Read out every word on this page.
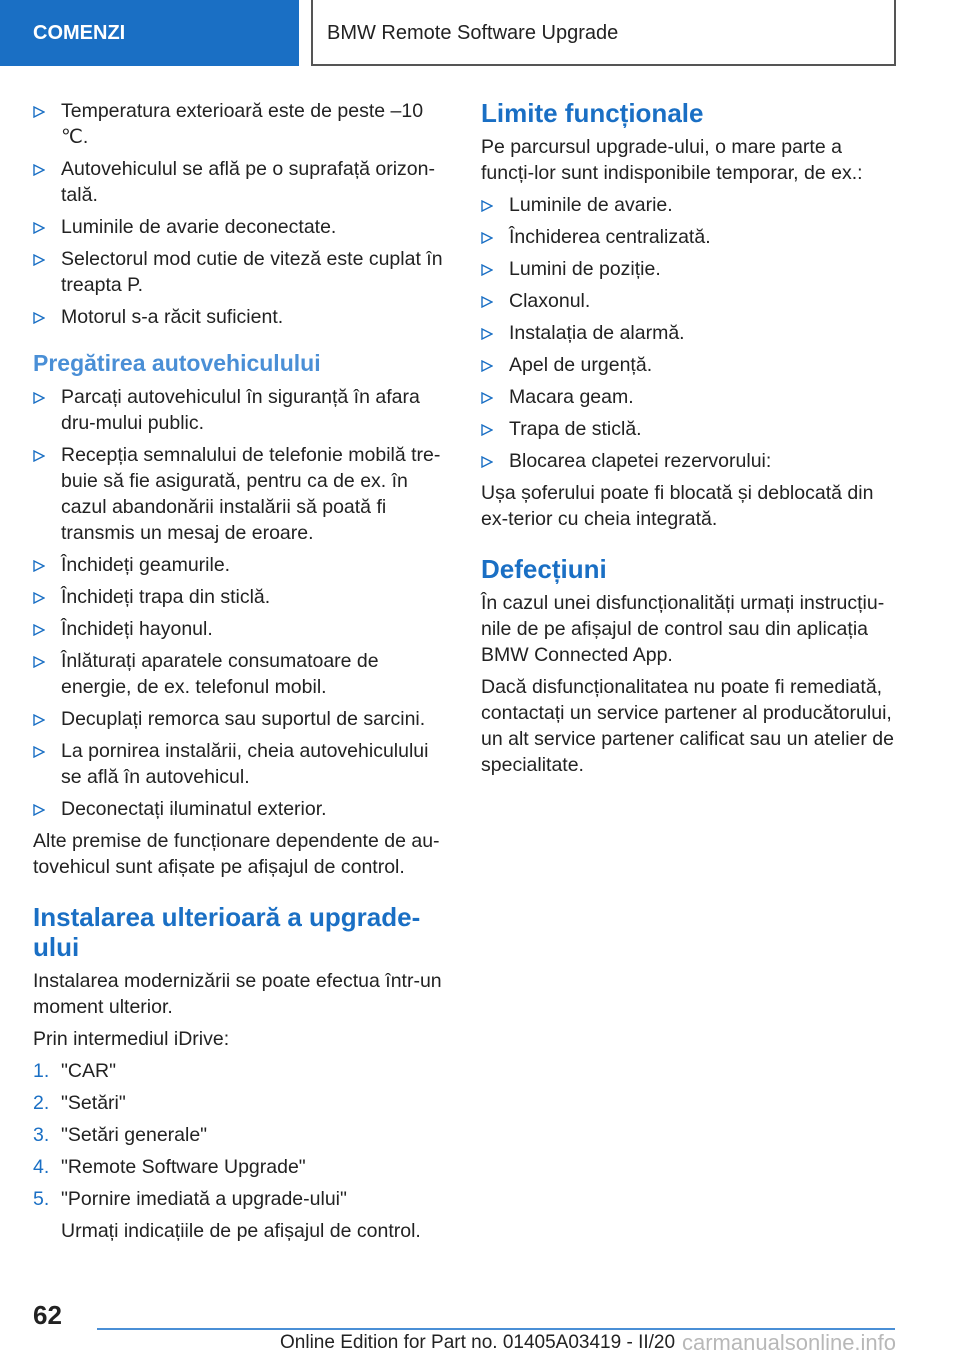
COMENZI	BMW Remote Software Upgrade
Temperatura exterioară este de peste –10 ℃.
Autovehiculul se află pe o suprafață orizon-tală.
Luminile de avarie deconectate.
Selectorul mod cutie de viteză este cuplat în treapta P.
Motorul s-a răcit suficient.
Pregătirea autovehiculului
Parcați autovehiculul în siguranță în afara dru-mului public.
Recepția semnalului de telefonie mobilă tre-buie să fie asigurată, pentru ca de ex. în cazul abandonării instalării să poată fi transmis un mesaj de eroare.
Închideți geamurile.
Închideți trapa din sticlă.
Închideți hayonul.
Înlăturați aparatele consumatoare de energie, de ex. telefonul mobil.
Decuplați remorca sau suportul de sarcini.
La pornirea instalării, cheia autovehiculului se află în autovehicul.
Deconectați iluminatul exterior.

Alte premise de funcționare dependente de au-tovehicul sunt afișate pe afișajul de control.

Instalarea ulterioară a upgrade-ului

Instalarea modernizării se poate efectua într-un moment ulterior.

Prin intermediul iDrive:

1. "CAR"
2. "Setări"
3. "Setări generale"
4. "Remote Software Upgrade"
5. "Pornire imediată a upgrade-ului"

Urmați indicațiile de pe afișajul de control.

Limite funcționale

Pe parcursul upgrade-ului, o mare parte a funcți-lor sunt indisponibile temporar, de ex.:

Luminile de avarie.
Închiderea centralizată.
Lumini de poziție.
Claxonul.
Instalația de alarmă.
Apel de urgență.
Macara geam.
Trapa de sticlă.
Blocarea clapetei rezervorului:

Ușa șoferului poate fi blocată și deblocată din ex-terior cu cheia integrată.

Defecțiuni

În cazul unei disfuncționalități urmați instrucțiu-nile de pe afișajul de control sau din aplicația BMW Connected App.

Dacă disfuncționalitatea nu poate fi remediată, contactați un service partener al producătorului, un alt service partener calificat sau un atelier de specialitate.

62
Online Edition for Part no. 01405A03419 - II/20 carmanualsonline.info
